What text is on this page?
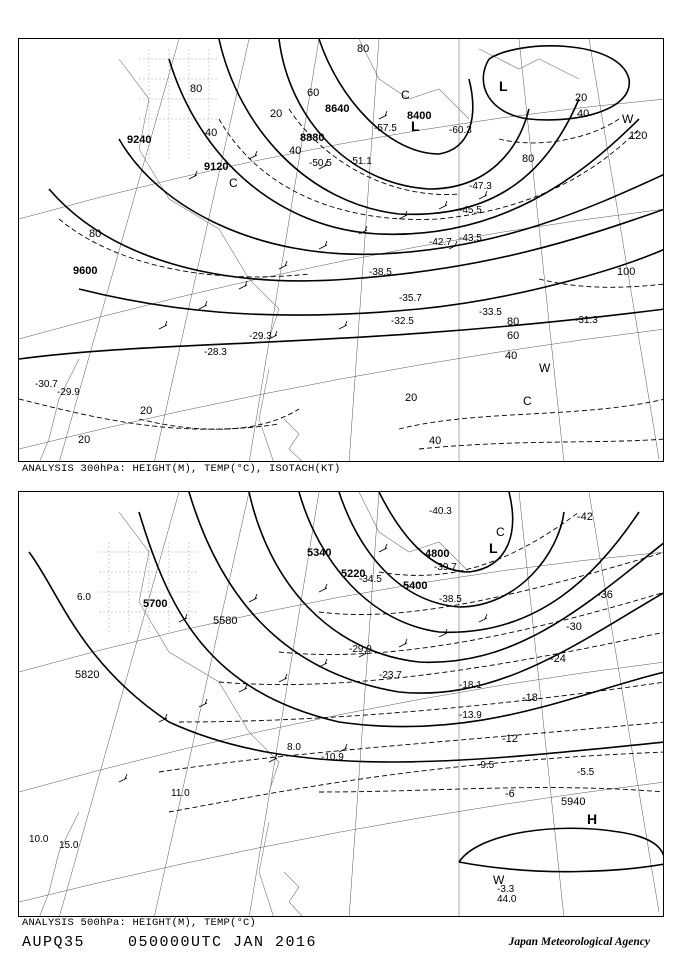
9240
9120
8880
8640
8400
9600
80
40
20
60
80
120
100
80
60
40
20
20
20	40
40
80
80
20
40
L
C
C
W
C
L	W
-35.7
-32.5
-33.5
-31.3
-38.5
-42.7 -43.5
-47.3
-45.5
-50.5 -51.1
-57.5	-60.3
-29.3
-28.3
-30.7
-29.9
ANALYSIS 300hPa: HEIGHT(M), TEMP(°C), ISOTACH(KT)
5700
5580
5820
5400
5940
5220
4800
5340
-42
-36
-30
-24
-18
-12
-6
L
C
H
W
-40.3
-39.7
-38.5
-34.5
-29.9
-23.7
-18.1
-13.9
-10.9
-9.5
-5.5
-3.3
44.0
15.0
11.0
10.0
8.0
6.0
ANALYSIS 500hPa: HEIGHT(M), TEMP(°C)
AUPQ35	050000UTC JAN 2016	Japan Meteorological Agency
